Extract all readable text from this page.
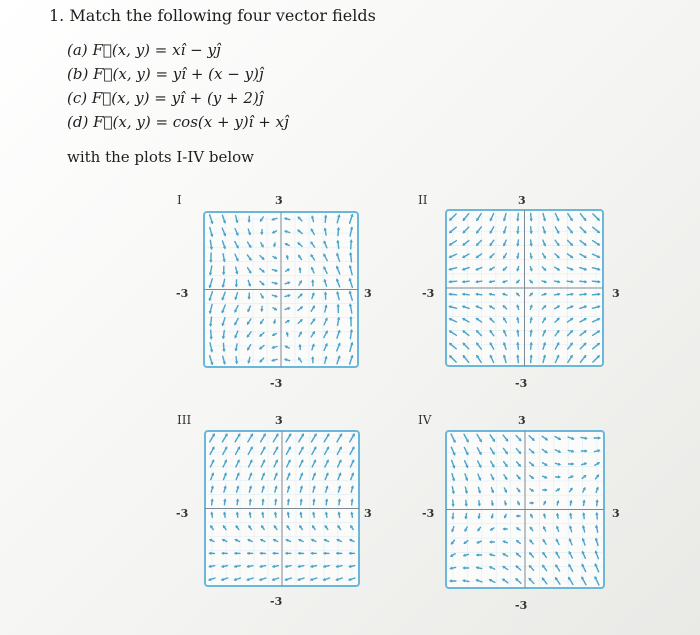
1. Match the following four vector fields
(a) F⃗(x, y) = xî − yĵ
(b) F⃗(x, y) = yî + (x − y)ĵ
(c) F⃗(x, y) = yî + (y + 2)ĵ
(d) F⃗(x, y) = cos(x + y)î + xĵ
with the plots I-IV below
I	3
-3	3
-3
II	3
-3	3
-3
III	3
-3	3
-3
IV	3
-3	3
-3
